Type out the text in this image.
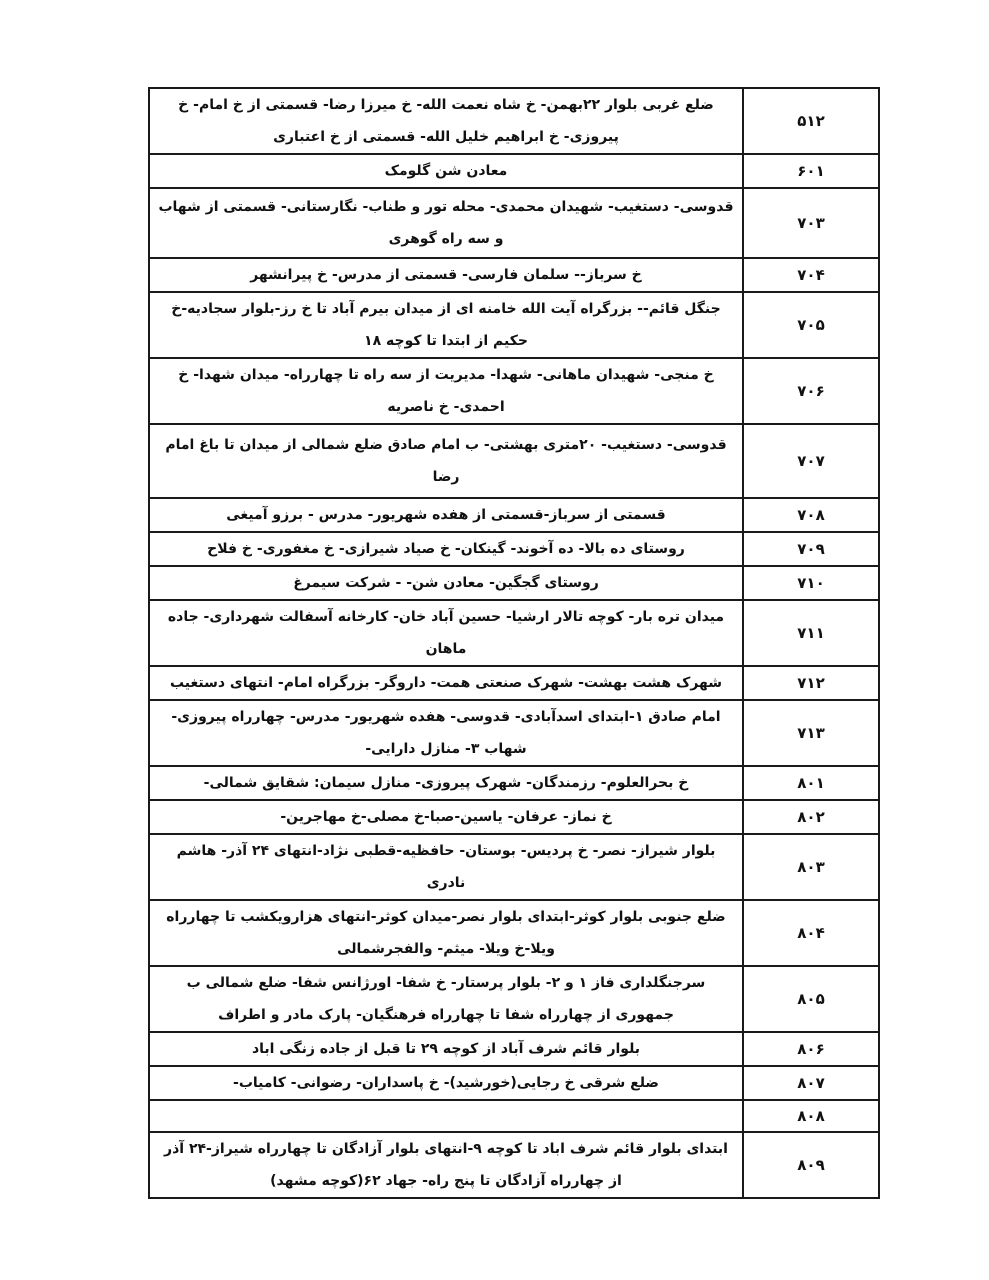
۵۱۲	ضلع غربی بلوار ۲۲بهمن- خ شاه نعمت الله- خ میرزا رضا- قسمتی از خ امام- خ پیروزی- خ ابراهیم خلیل الله- قسمتی از خ اعتباری
۶۰۱	معادن شن گلومک
۷۰۳	قدوسی- دستغیب- شهیدان محمدی- محله تور و طناب- نگارستانی- قسمتی از شهاب و سه راه گوهری
۷۰۴	خ سرباز-- سلمان فارسی- قسمتی از مدرس- خ پیرانشهر
۷۰۵	جنگل قائم-- بزرگراه آیت الله خامنه ای از میدان بیرم آباد تا خ رز-بلوار سجادیه-خ حکیم از ابتدا تا کوچه ۱۸
۷۰۶	خ منجی- شهیدان ماهانی- شهدا- مدیریت از سه راه تا چهارراه- میدان شهدا- خ احمدی- خ ناصریه
۷۰۷	قدوسی- دستغیب- ۲۰متری بهشتی- ب امام صادق ضلع شمالی از میدان تا باغ امام رضا
۷۰۸	قسمتی از سرباز-قسمتی از هفده شهریور- مدرس - برزو آمیغی
۷۰۹	روستای ده بالا- ده آخوند- گینکان- خ صیاد شیرازی- خ مغفوری- خ فلاح
۷۱۰	روستای گجگین- معادن شن- - شرکت سیمرغ
۷۱۱	میدان تره بار- کوچه تالار ارشیا- حسین آباد خان- کارخانه آسفالت شهرداری- جاده ماهان
۷۱۲	شهرک هشت بهشت- شهرک صنعتی همت- داروگر- بزرگراه امام- انتهای دستغیب
۷۱۳	امام صادق ۱-ابتدای اسدآبادی- قدوسی- هفده شهریور- مدرس- چهارراه پیروزی- شهاب ۳- منازل دارایی-
۸۰۱	خ بحرالعلوم- رزمندگان- شهرک پیروزی- منازل سیمان: شقایق شمالی-
۸۰۲	خ نماز- عرفان- یاسین-صبا-خ مصلی-خ مهاجرین-
۸۰۳	بلوار شیراز- نصر- خ پردیس- بوستان- حافظیه-قطبی نژاد-انتهای ۲۴ آذر- هاشم نادری
۸۰۴	ضلع جنوبی بلوار کوثر-ابتدای بلوار نصر-میدان کوثر-انتهای هزارویکشب تا چهارراه ویلا-خ ویلا- میثم- والفجرشمالی
۸۰۵	سرجنگلداری فاز ۱ و ۲- بلوار پرستار- خ شفا- اورژانس شفا- ضلع شمالی ب جمهوری از چهارراه شفا تا چهارراه فرهنگیان- پارک مادر و اطراف
۸۰۶	بلوار قائم شرف آباد از کوچه ۲۹ تا قبل از جاده زنگی اباد
۸۰۷	ضلع شرقی خ رجایی(خورشید)- خ پاسداران- رضوانی- کامیاب-
۸۰۸	
۸۰۹	ابتدای بلوار قائم شرف اباد تا کوچه ۹-انتهای بلوار آزادگان تا چهارراه شیراز-۲۴ آذر از چهارراه آزادگان تا پنج راه- جهاد ۶۲(کوچه مشهد)
